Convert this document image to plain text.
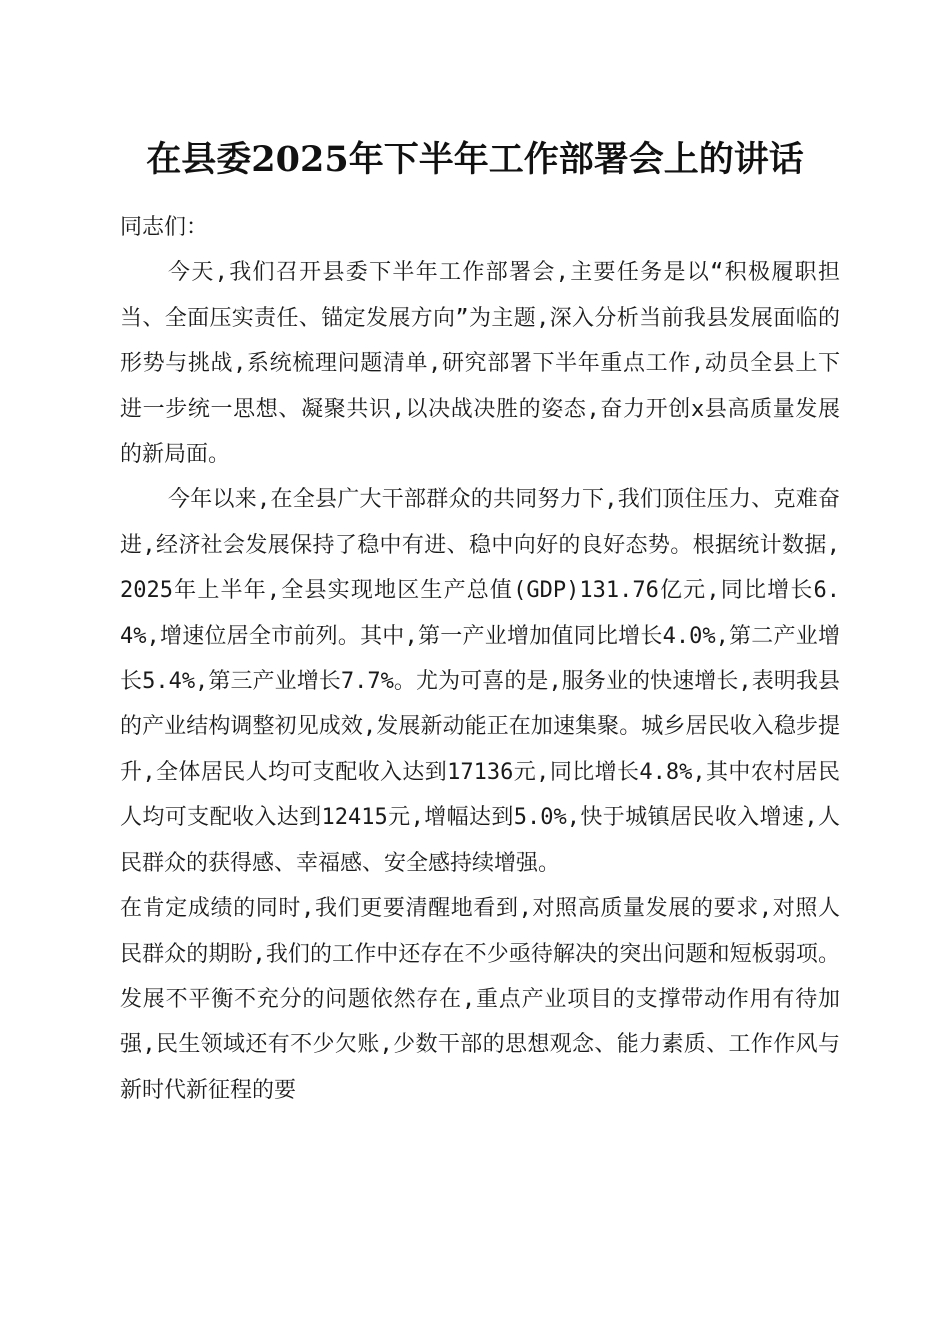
在县委2025年下半年工作部署会上的讲话

同志们：

今天,我们召开县委下半年工作部署会,主要任务是以“积极履职担当、全面压实责任、锚定发展方向”为主题,深入分析当前我县发展面临的形势与挑战,系统梳理问题清单,研究部署下半年重点工作,动员全县上下进一步统一思想、凝聚共识,以决战决胜的姿态,奋力开创x县高质量发展的新局面。

今年以来,在全县广大干部群众的共同努力下,我们顶住压力、克难奋进,经济社会发展保持了稳中有进、稳中向好的良好态势。根据统计数据,2025年上半年,全县实现地区生产总值(GDP)131.76亿元,同比增长6.4%,增速位居全市前列。其中,第一产业增加值同比增长4.0%,第二产业增长5.4%,第三产业增长7.7%。尤为可喜的是,服务业的快速增长,表明我县的产业结构调整初见成效,发展新动能正在加速集聚。城乡居民收入稳步提升,全体居民人均可支配收入达到17136元,同比增长4.8%,其中农村居民人均可支配收入达到12415元,增幅达到5.0%,快于城镇居民收入增速,人民群众的获得感、幸福感、安全感持续增强。

在肯定成绩的同时,我们更要清醒地看到,对照高质量发展的要求,对照人民群众的期盼,我们的工作中还存在不少亟待解决的突出问题和短板弱项。发展不平衡不充分的问题依然存在,重点产业项目的支撑带动作用有待加强,民生领域还有不少欠账,少数干部的思想观念、能力素质、工作作风与新时代新征程的要
